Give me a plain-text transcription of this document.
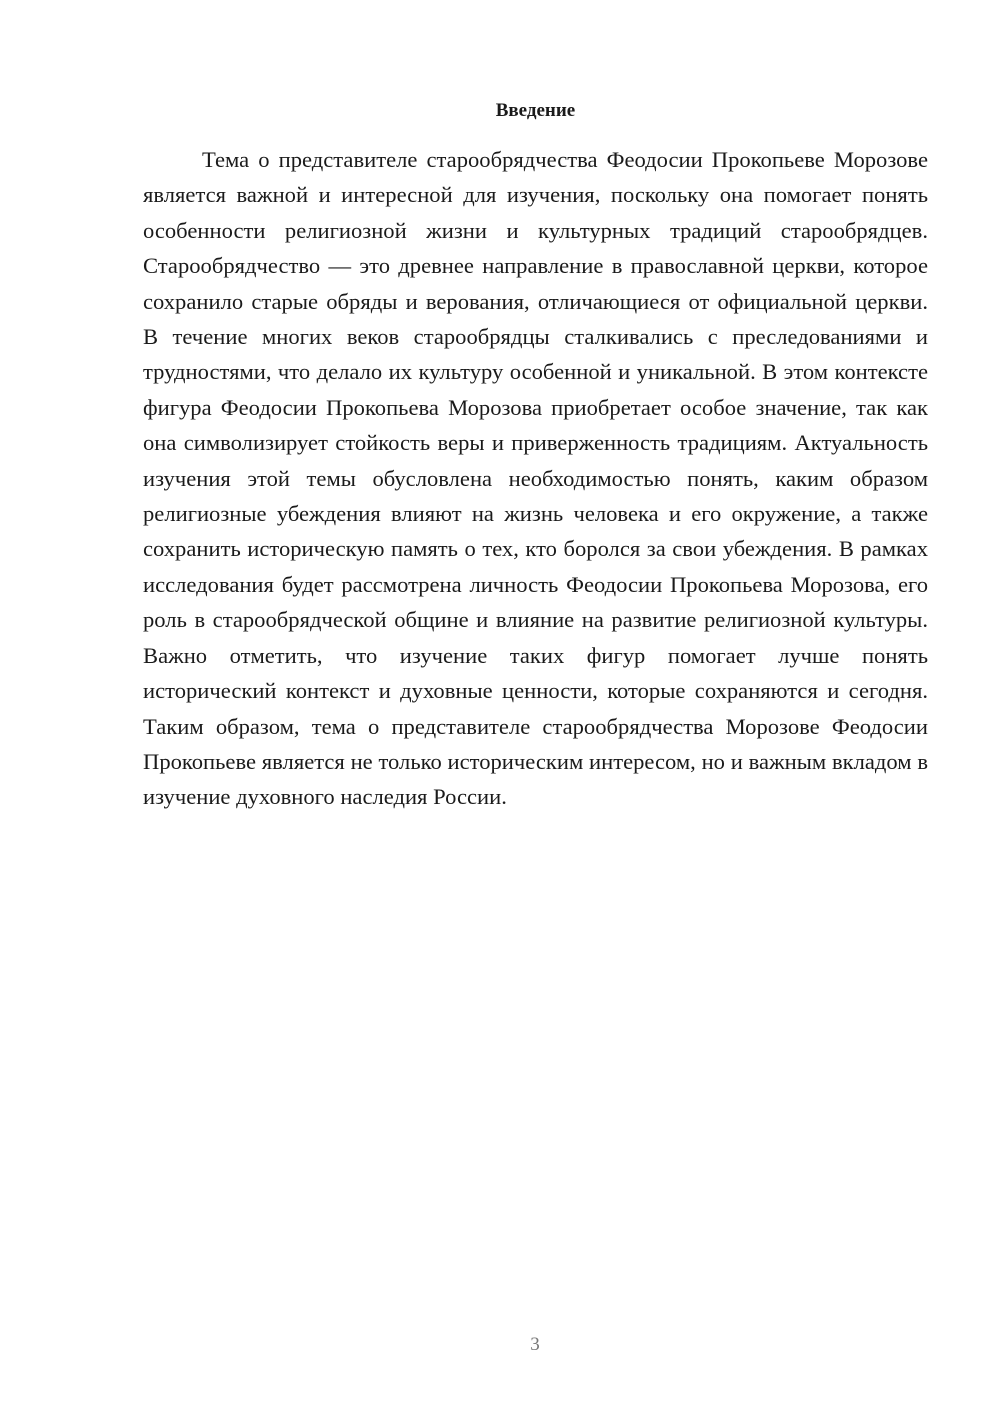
Введение

Тема о представителе старообрядчества Феодосии Прокопьеве Морозове является важной и интересной для изучения, поскольку она помогает понять особенности религиозной жизни и культурных традиций старообрядцев. Старообрядчество — это древнее направление в православной церкви, которое сохранило старые обряды и верования, отличающиеся от официальной церкви. В течение многих веков старообрядцы сталкивались с преследованиями и трудностями, что делало их культуру особенной и уникальной. В этом контексте фигура Феодосии Прокопьева Морозова приобретает особое значение, так как она символизирует стойкость веры и приверженность традициям. Актуальность изучения этой темы обусловлена необходимостью понять, каким образом религиозные убеждения влияют на жизнь человека и его окружение, а также сохранить историческую память о тех, кто боролся за свои убеждения. В рамках исследования будет рассмотрена личность Феодосии Прокопьева Морозова, его роль в старообрядческой общине и влияние на развитие религиозной культуры. Важно отметить, что изучение таких фигур помогает лучше понять исторический контекст и духовные ценности, которые сохраняются и сегодня. Таким образом, тема о представителе старообрядчества Морозове Феодосии Прокопьеве является не только историческим интересом, но и важным вкладом в изучение духовного наследия России.

3
